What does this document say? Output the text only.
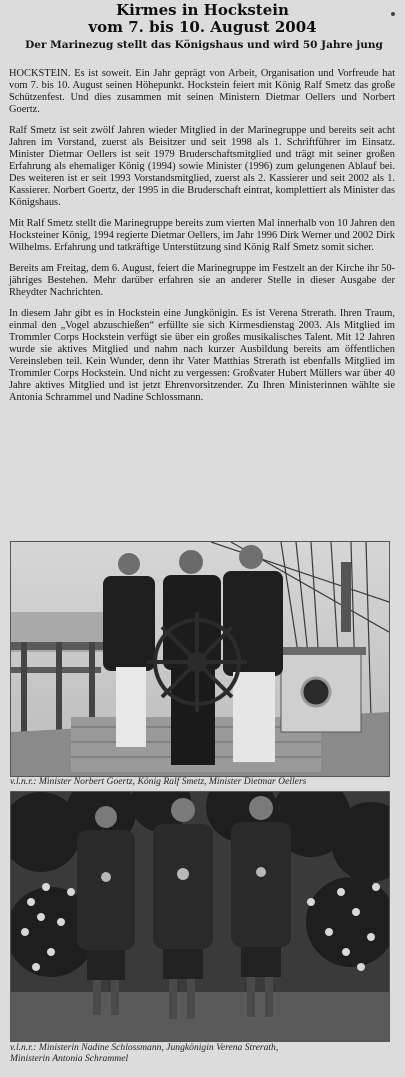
Kirmes in Hockstein
vom 7. bis 10. August 2004
Der Marinezug stellt das Königshaus und wird 50 Jahre jung

HOCKSTEIN. Es ist soweit. Ein Jahr geprägt von Arbeit, Organisation und Vorfreude hat vom 7. bis 10. August seinen Höhepunkt. Hockstein feiert mit König Ralf Smetz das große Schützenfest. Und dies zusammen mit seinen Ministern Dietmar Oellers und Norbert Goertz.

Ralf Smetz ist seit zwölf Jahren wieder Mitglied in der Marinegruppe und bereits seit acht Jahren im Vorstand, zuerst als Beisitzer und seit 1998 als 1. Schriftführer im Einsatz. Minister Dietmar Oellers ist seit 1979 Bruderschaftsmitglied und trägt mit seiner großen Erfahrung als ehemaliger König (1994) sowie Minister (1996) zum gelungenen Ablauf bei. Des weiteren ist er seit 1993 Vorstandsmitglied, zuerst als 2. Kassierer und seit 2002 als 1. Kassierer. Norbert Goertz, der 1995 in die Bruderschaft eintrat, komplettiert als Minister das Königshaus.

Mit Ralf Smetz stellt die Marinegruppe bereits zum vierten Mal innerhalb von 10 Jahren den Hocksteiner König, 1994 regierte Dietmar Oellers, im Jahr 1996 Dirk Werner und 2002 Dirk Wilhelms. Erfahrung und tatkräftige Unterstützung sind König Ralf Smetz somit sicher.

Bereits am Freitag, dem 6. August, feiert die Marinegruppe im Festzelt an der Kirche ihr 50-jähriges Bestehen. Mehr darüber erfahren sie an anderer Stelle in dieser Ausgabe der Rheydter Nachrichten.

In diesem Jahr gibt es in Hockstein eine Jungkönigin. Es ist Verena Strerath. Ihren Traum, einmal den „Vogel abzuschießen“ erfüllte sie sich Kirmesdienstag 2003. Als Mitglied im Trommler Corps Hockstein verfügt sie über ein großes musikalisches Talent. Mit 12 Jahren wurde sie aktives Mitglied und nahm nach kurzer Ausbildung bereits am öffentlichen Vereinsleben teil. Kein Wunder, denn ihr Vater Matthias Strerath ist ebenfalls Mitglied im Trommler Corps Hockstein. Und nicht zu vergessen: Großvater Hubert Müllers war über 40 Jahre aktives Mitglied und ist jetzt Ehrenvorsitzender. Zu Ihren Ministerinnen wählte sie Antonia Schrammel und Nadine Schlossmann.

v.l.n.r.: Minister Norbert Goertz, König Ralf Smetz, Minister Dietmar Oellers
v.l.n.r.: Ministerin Nadine Schlossmann, Jungkönigin Verena Strerath,
Ministerin Antonia Schrammel
